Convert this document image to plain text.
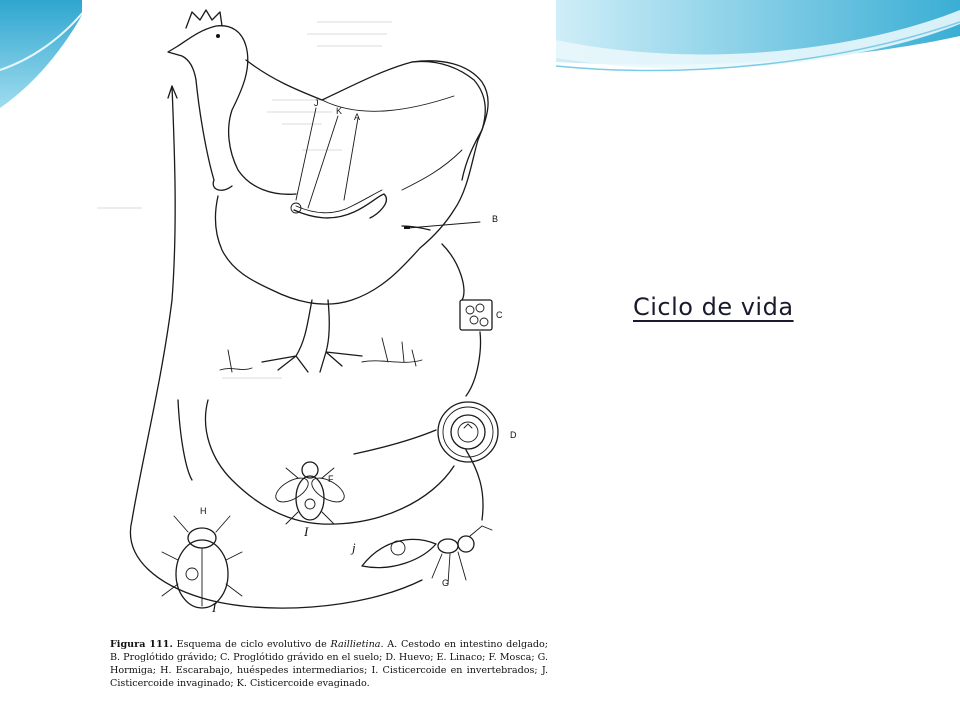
J
K
A
B
C
D
F
I
H
I
j
G
Figura 111. Esquema de ciclo evolutivo de Raillietina. A. Cestodo en intestino delgado; B. Proglótido grávido; C. Proglótido grávido en el suelo; D. Huevo; E. Linaco; F. Mosca; G. Hormiga; H. Escarabajo, huéspedes intermediarios; I. Cisticercoide en invertebrados; J. Cisticercoide invaginado; K. Cisticercoide evaginado.
Ciclo de vida
